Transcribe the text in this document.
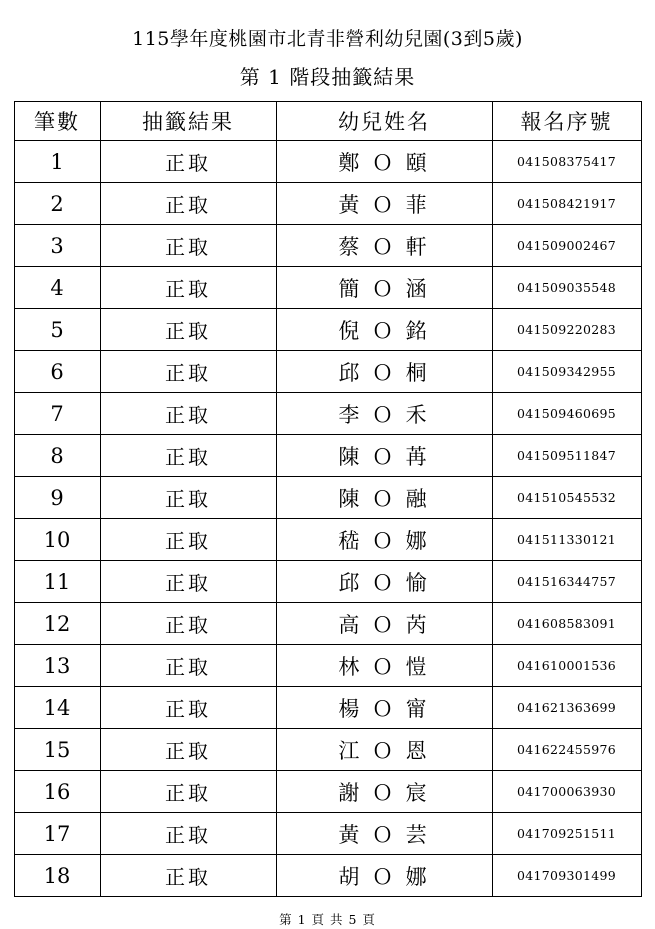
115學年度桃園市北青非營利幼兒園(3到5歲)
第 1 階段抽籤結果
筆數	抽籤結果	幼兒姓名	報名序號
1	正取	鄭 Ｏ 頤	041508375417
2	正取	黃 Ｏ 菲	041508421917
3	正取	蔡 Ｏ 軒	041509002467
4	正取	簡 Ｏ 涵	041509035548
5	正取	倪 Ｏ 銘	041509220283
6	正取	邱 Ｏ 桐	041509342955
7	正取	李 Ｏ 禾	041509460695
8	正取	陳 Ｏ 苒	041509511847
9	正取	陳 Ｏ 融	041510545532
10	正取	嵇 Ｏ 娜	041511330121
11	正取	邱 Ｏ 愉	041516344757
12	正取	高 Ｏ 芮	041608583091
13	正取	林 Ｏ 愷	041610001536
14	正取	楊 Ｏ 甯	041621363699
15	正取	江 Ｏ 恩	041622455976
16	正取	謝 Ｏ 宸	041700063930
17	正取	黃 Ｏ 芸	041709251511
18	正取	胡 Ｏ 娜	041709301499
第 1 頁 共 5 頁
